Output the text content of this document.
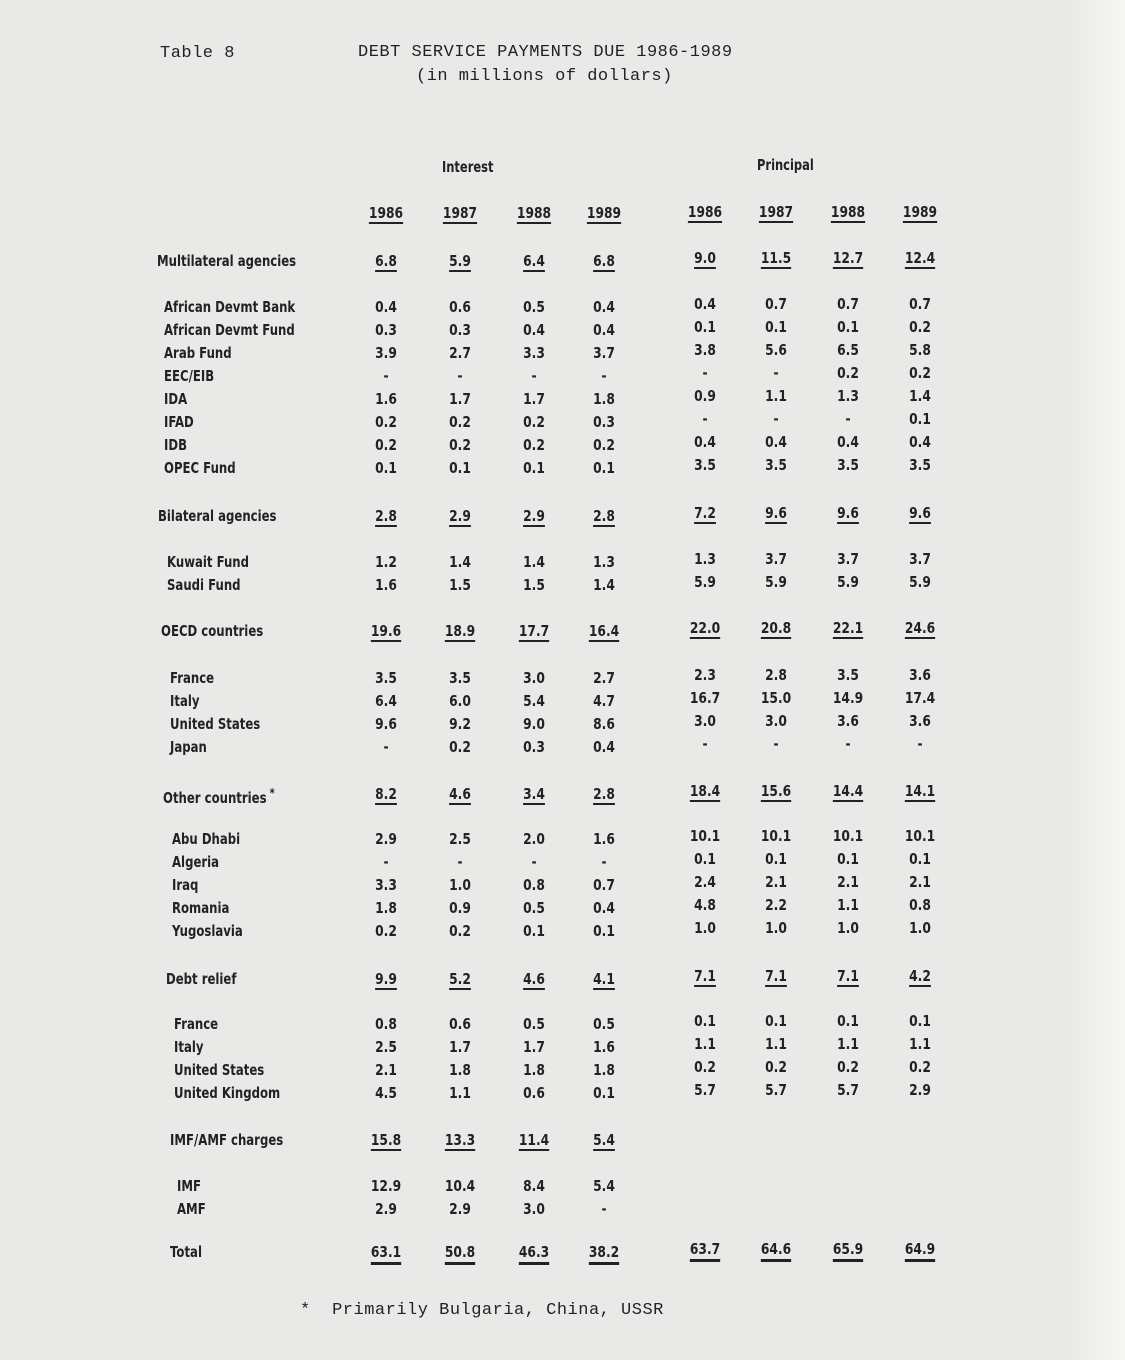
Table 8	DEBT SERVICE PAYMENTS DUE 1986-1989
(in millions of dollars)
Interest	Principal
1986	1987	1988 1989	1986 1987	1988	1989
Multilateral agencies	6.8	5.9	6.4	6.8	9.0	11.5	12.7	12.4
African Devmt Bank	0.4	0.6	0.5	0.4	0.4	0.7	0.7	0.7
African Devmt Fund	0.3	0.3	0.4	0.4	0.1	0.1	0.1	0.2
Arab Fund	3.9	2.7	3.3	3.7	3.8	5.6	6.5	5.8
EEC/EIB	-	-	-	-	-	-	0.2	0.2
IDA	1.6	1.7	1.7	1.8	0.9	1.1	1.3	1.4
IFAD	0.2	0.2	0.2	0.3	-	-	-	0.1
IDB	0.2	0.2	0.2	0.2	0.4	0.4	0.4	0.4
OPEC Fund	0.1	0.1	0.1	0.1	3.5	3.5	3.5	3.5
Bilateral agencies	2.8	2.9	2.9	2.8	7.2	9.6	9.6	9.6
Kuwait Fund	1.2	1.4	1.4	1.3	1.3	3.7	3.7	3.7
Saudi Fund	1.6	1.5	1.5	1.4	5.9	5.9	5.9	5.9
OECD countries	19.6	18.9	17.7	16.4	22.0	20.8	22.1	24.6
France	3.5	3.5	3.0	2.7	2.3	2.8	3.5	3.6
Italy	6.4	6.0	5.4	4.7	16.7	15.0	14.9	17.4
United States	9.6	9.2	9.0	8.6	3.0	3.0	3.6	3.6
Japan	-	0.2	0.3	0.4	-	-	-	-
Other countries *	8.2	4.6	3.4	2.8	18.4	15.6	14.4	14.1
Abu Dhabi	2.9	2.5	2.0	1.6	10.1	10.1	10.1	10.1
Algeria	-	-	-	-	0.1	0.1	0.1	0.1
Iraq	3.3	1.0	0.8	0.7	2.4	2.1	2.1	2.1
Romania	1.8	0.9	0.5	0.4	4.8	2.2	1.1	0.8
Yugoslavia	0.2	0.2	0.1	0.1	1.0	1.0	1.0	1.0
Debt relief	9.9	5.2	4.6	4.1	7.1	7.1	7.1	4.2
France	0.8	0.6	0.5	0.5	0.1	0.1	0.1	0.1
Italy	2.5	1.7	1.7	1.6	1.1	1.1	1.1	1.1
United States	2.1	1.8	1.8	1.8	0.2	0.2	0.2	0.2
United Kingdom	4.5	1.1	0.6	0.1	5.7	5.7	5.7	2.9
IMF/AMF charges	15.8	13.3	11.4	5.4
IMF	12.9	10.4	8.4	5.4
AMF	2.9	2.9	3.0	-
Total	63.1	50.8	46.3	38.2	63.7	64.6	65.9	64.9
*  Primarily Bulgaria, China, USSR
